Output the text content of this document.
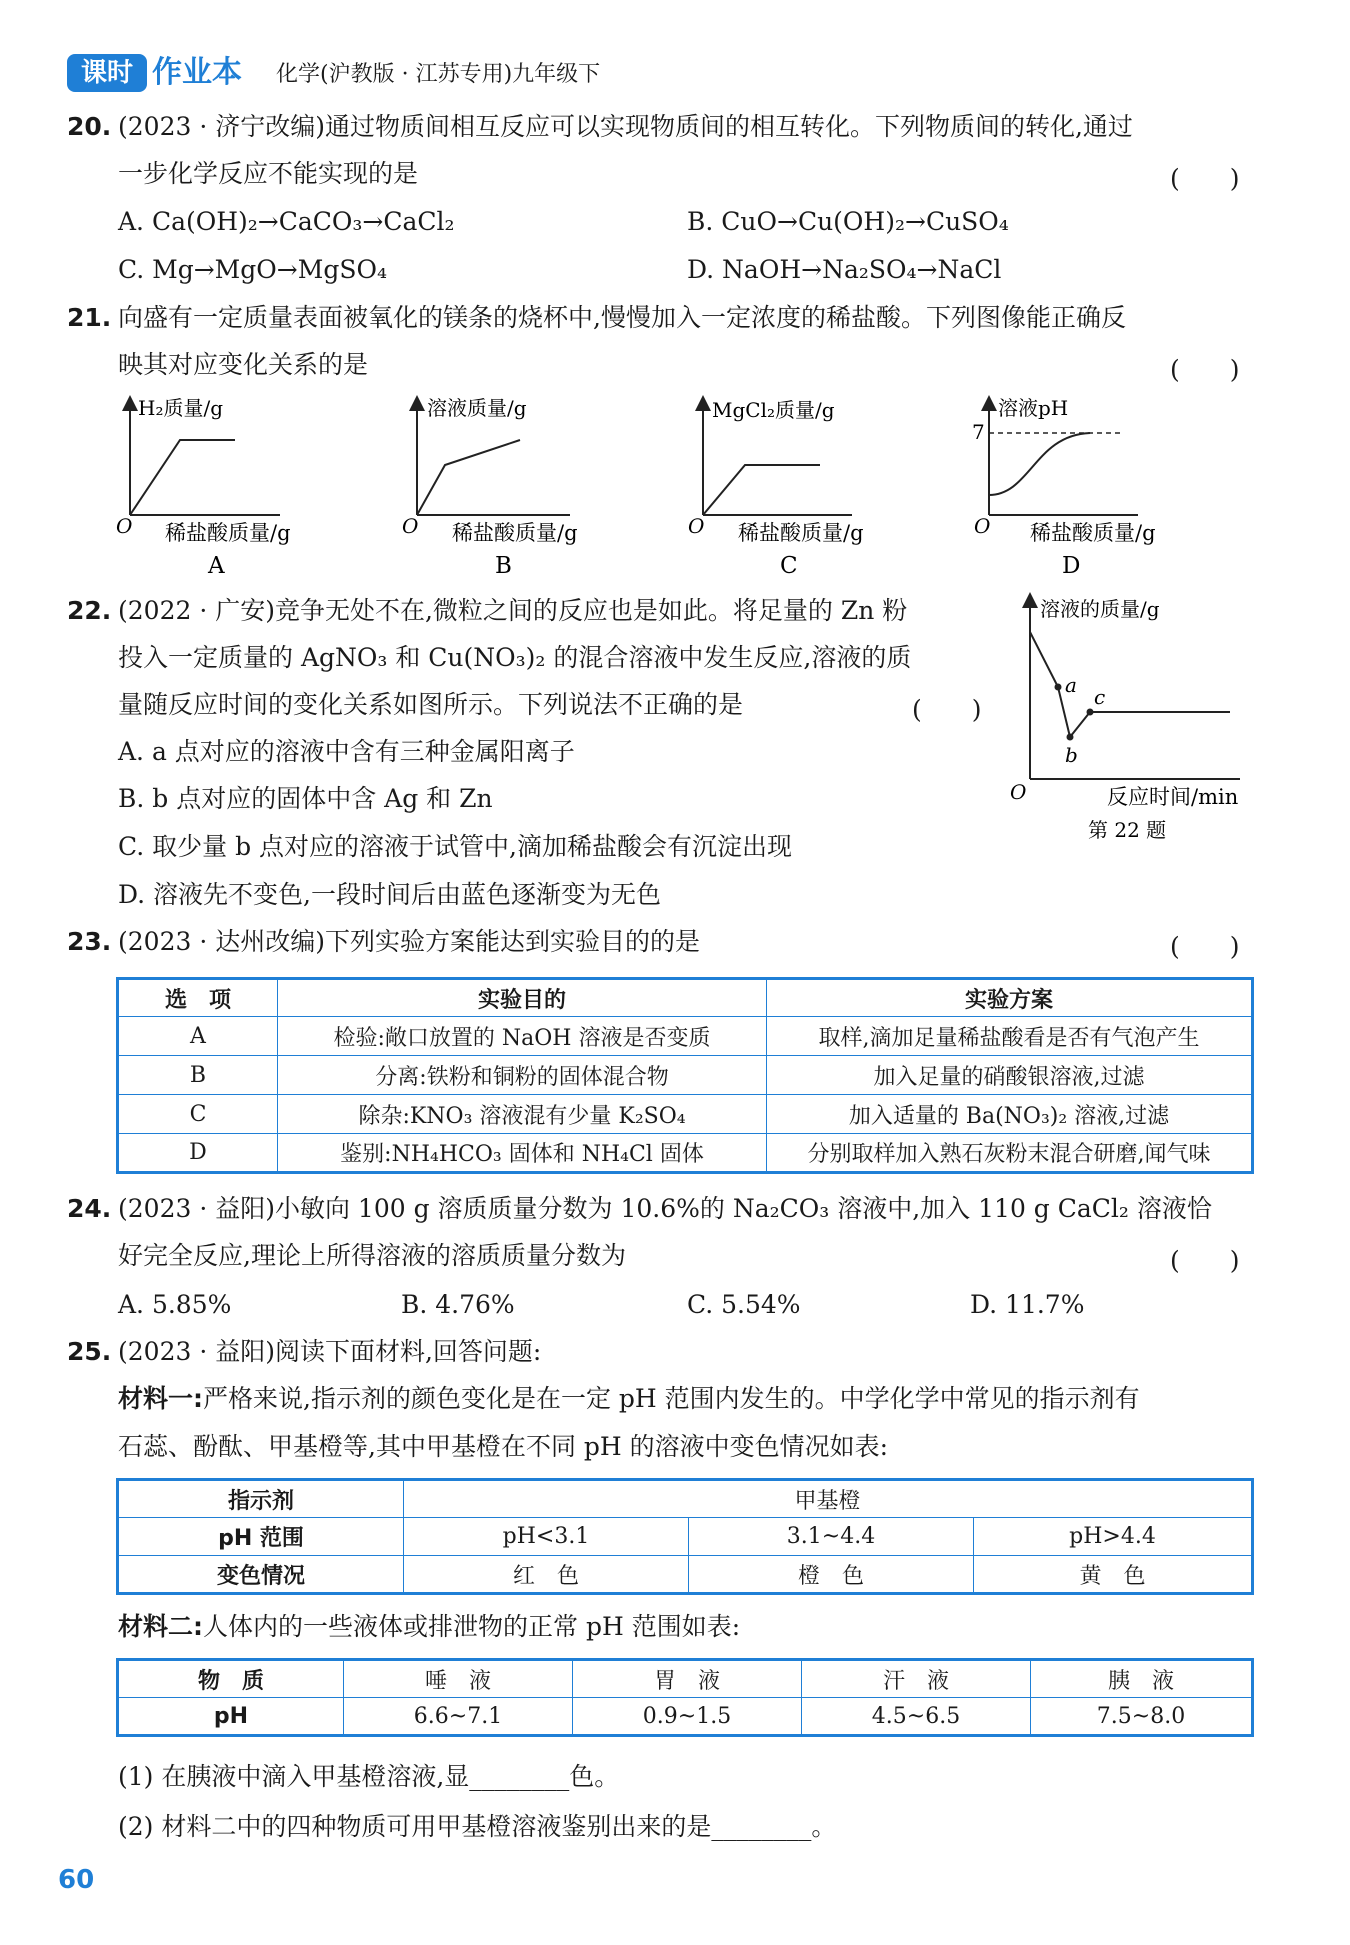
课时 作业本 化学(沪教版 · 江苏专用)九年级下
20. (2023 · 济宁改编)通过物质间相互反应可以实现物质间的相互转化。下列物质间的转化,通过
一步化学反应不能实现的是	(　　)
A. Ca(OH)₂→CaCO₃→CaCl₂	B. CuO→Cu(OH)₂→CuSO₄
C. Mg→MgO→MgSO₄	D. NaOH→Na₂SO₄→NaCl
21. 向盛有一定质量表面被氧化的镁条的烧杯中,慢慢加入一定浓度的稀盐酸。下列图像能正确反
映其对应变化关系的是	(　　)
H₂质量/g
O 稀盐酸质量/g
A
溶液质量/g
O 稀盐酸质量/g
B
MgCl₂质量/g
O 稀盐酸质量/g
C
溶液pH
7
O 稀盐酸质量/g
D
22. (2022 · 广安)竞争无处不在,微粒之间的反应也是如此。将足量的 Zn 粉
投入一定质量的 AgNO₃ 和 Cu(NO₃)₂ 的混合溶液中发生反应,溶液的质
量随反应时间的变化关系如图所示。下列说法不正确的是	(　　)
A. a 点对应的溶液中含有三种金属阳离子
B. b 点对应的固体中含 Ag 和 Zn
C. 取少量 b 点对应的溶液于试管中,滴加稀盐酸会有沉淀出现
D. 溶液先不变色,一段时间后由蓝色逐渐变为无色
溶液的质量/g
a
b
c
O	反应时间/min
第 22 题
23. (2023 · 达州改编)下列实验方案能达到实验目的的是	(　　)
选　项	实验目的	实验方案
A	检验:敞口放置的 NaOH 溶液是否变质	取样,滴加足量稀盐酸看是否有气泡产生
B	分离:铁粉和铜粉的固体混合物	加入足量的硝酸银溶液,过滤
C	除杂:KNO₃ 溶液混有少量 K₂SO₄	加入适量的 Ba(NO₃)₂ 溶液,过滤
D	鉴别:NH₄HCO₃ 固体和 NH₄Cl 固体	分别取样加入熟石灰粉末混合研磨,闻气味
24. (2023 · 益阳)小敏向 100 g 溶质质量分数为 10.6%的 Na₂CO₃ 溶液中,加入 110 g CaCl₂ 溶液恰
好完全反应,理论上所得溶液的溶质质量分数为	(　　)
A. 5.85%	B. 4.76%	C. 5.54%	D. 11.7%
25. (2023 · 益阳)阅读下面材料,回答问题:
材料一:严格来说,指示剂的颜色变化是在一定 pH 范围内发生的。中学化学中常见的指示剂有
石蕊、酚酞、甲基橙等,其中甲基橙在不同 pH 的溶液中变色情况如表:
指示剂	甲基橙		
pH 范围	pH<3.1	3.1~4.4	pH>4.4
变色情况	红　色	橙　色	黄　色
材料二:人体内的一些液体或排泄物的正常 pH 范围如表:
物　质	唾　液	胃　液	汗　液	胰　液
pH	6.6~7.1	0.9~1.5	4.5~6.5	7.5~8.0
(1) 在胰液中滴入甲基橙溶液,显________色。
(2) 材料二中的四种物质可用甲基橙溶液鉴别出来的是________。
60
